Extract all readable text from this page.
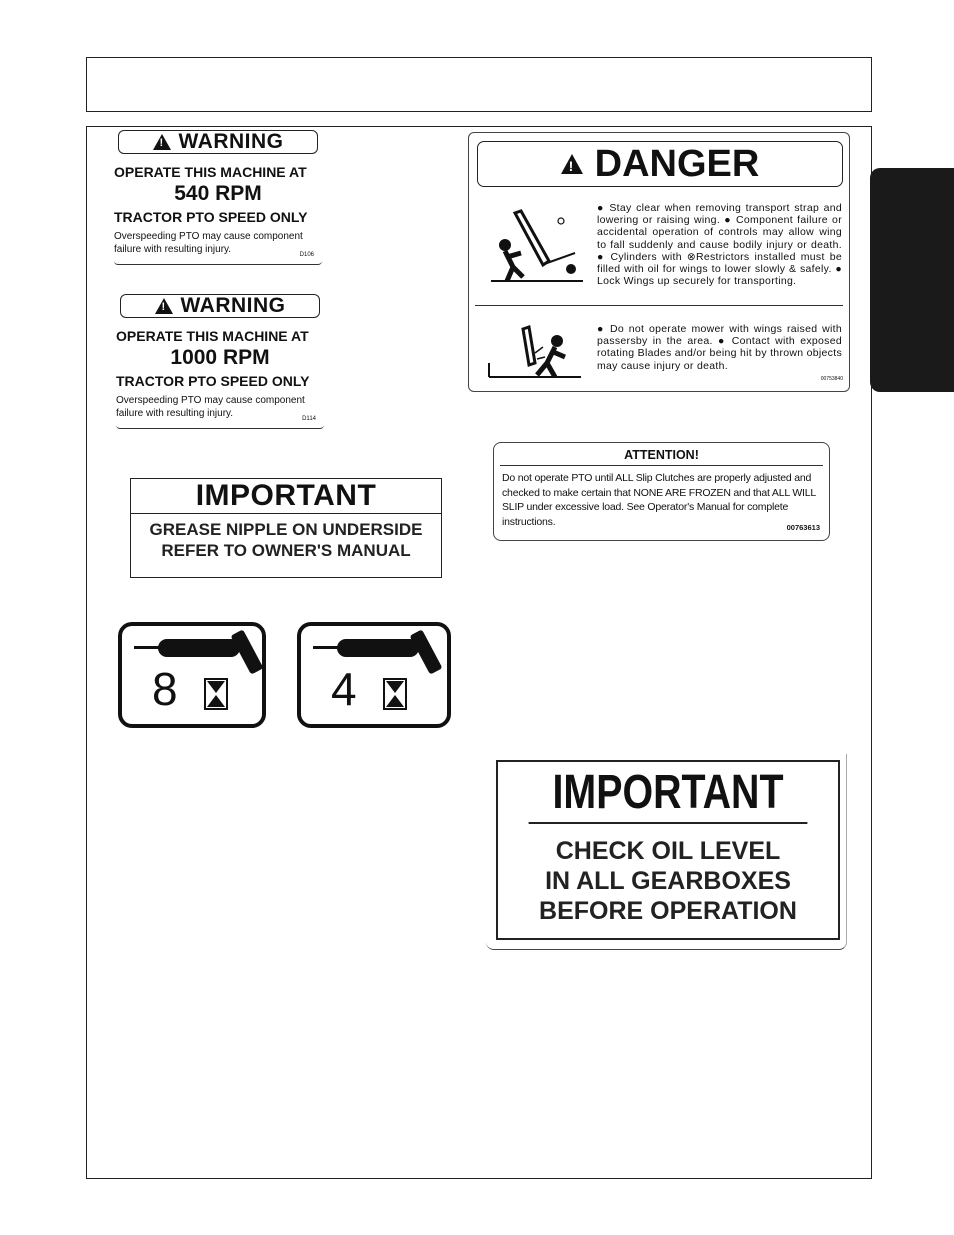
!
WARNING
OPERATE THIS MACHINE AT
540 RPM
TRACTOR PTO SPEED ONLY
Overspeeding PTO may cause component failure with resulting injury.	D106
!
WARNING
OPERATE THIS MACHINE AT
1000 RPM
TRACTOR PTO SPEED ONLY
Overspeeding PTO may cause component failure with resulting injury.	D114
IMPORTANT
GREASE NIPPLE ON UNDERSIDE
REFER TO OWNER'S MANUAL
8	4
!
DANGER
● Stay clear when removing transport strap and lowering or raising wing. ● Component failure or accidental operation of controls may allow wing to fall suddenly and cause bodily injury or death. ● Cylinders with ⊗Restrictors installed must be filled with oil for wings to lower slowly & safely. ● Lock Wings up securely for transporting.
● Do not operate mower with wings raised with passersby in the area. ● Contact with exposed rotating Blades and/or being hit by thrown objects may cause injury or death.
00753840
ATTENTION!
Do not operate PTO until ALL Slip Clutches are properly adjusted and checked to make certain that NONE ARE FROZEN and that ALL WILL SLIP under excessive load. See Operator's Manual for complete instructions.	00763613
IMPORTANT
CHECK OIL LEVEL
IN ALL GEARBOXES
BEFORE OPERATION
